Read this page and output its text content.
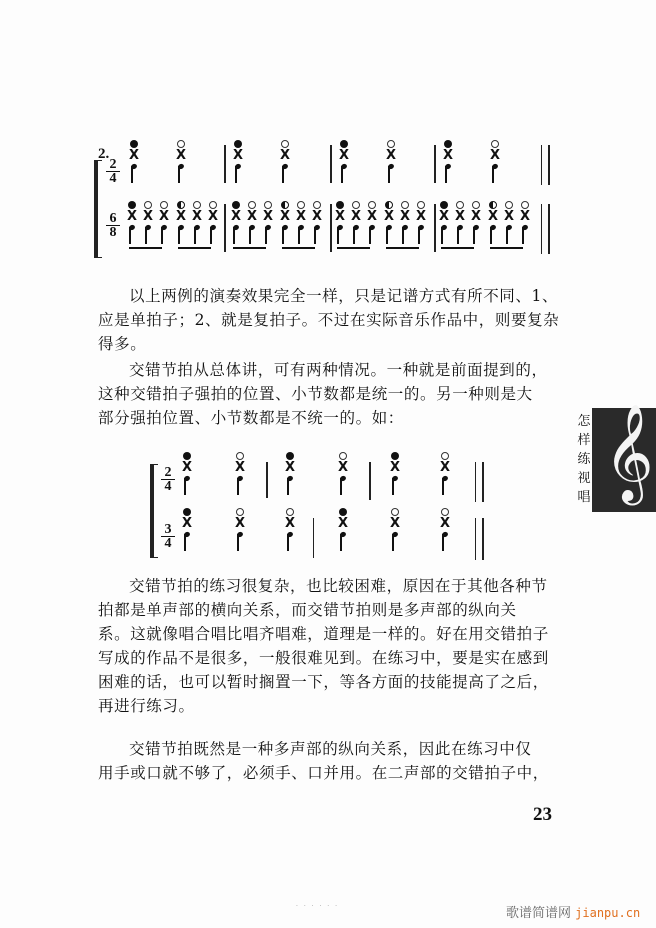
2.
$\frac{2}{4}$
$\frac{6}{8}$
X	X	X	X	X	X	X	X
X X X X X X X X X X X X X X X X X X X X X X X X
以上两例的演奏效果完全一样，只是记谱方式有所不同、1、
应是单拍子；2、就是复拍子。不过在实际音乐作品中，则要复杂
得多。
交错节拍从总体讲，可有两种情况。一种就是前面提到的，
这种交错拍子强拍的位置、小节数都是统一的。另一种则是大
部分强拍位置、小节数都是不统一的。如：	怎
样
练
视
唱 𝄞
$\frac{2}{4}$
$\frac{3}{4}$
X	X	X	X	X	X
X	X	X	X	X	X
交错节拍的练习很复杂，也比较困难，原因在于其他各种节
拍都是单声部的横向关系，而交错节拍则是多声部的纵向关
系。这就像唱合唱比唱齐唱难，道理是一样的。好在用交错拍子
写成的作品不是很多，一般很难见到。在练习中，要是实在感到
困难的话，也可以暂时搁置一下，等各方面的技能提高了之后，
再进行练习。
交错节拍既然是一种多声部的纵向关系，因此在练习中仅
用手或口就不够了，必须手、口并用。在二声部的交错拍子中，
23
· · · · · ·	歌谱简谱网 jianpu.cn
